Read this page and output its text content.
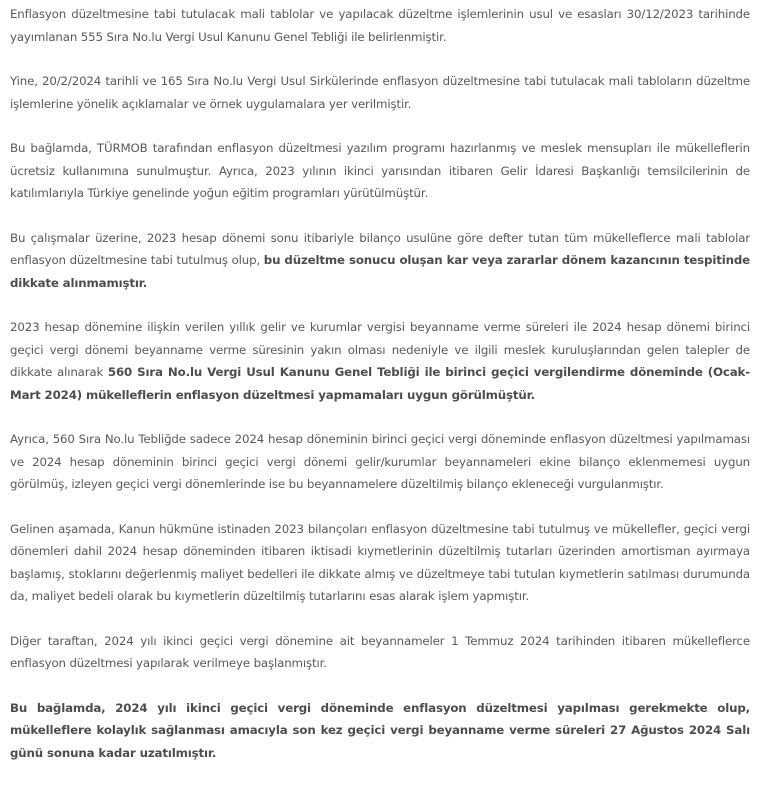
Enflasyon düzeltmesine tabi tutulacak mali tablolar ve yapılacak düzeltme işlemlerinin usul ve esasları 30/12/2023 tarihinde yayımlanan 555 Sıra No.lu Vergi Usul Kanunu Genel Tebliği ile belirlenmiştir.

Yine, 20/2/2024 tarihli ve 165 Sıra No.lu Vergi Usul Sirkülerinde enflasyon düzeltmesine tabi tutulacak mali tabloların düzeltme işlemlerine yönelik açıklamalar ve örnek uygulamalara yer verilmiştir.

Bu bağlamda, TÜRMOB tarafından enflasyon düzeltmesi yazılım programı hazırlanmış ve meslek mensupları ile mükelleflerin ücretsiz kullanımına sunulmuştur. Ayrıca, 2023 yılının ikinci yarısından itibaren Gelir İdaresi Başkanlığı temsilcilerinin de katılımlarıyla Türkiye genelinde yoğun eğitim programları yürütülmüştür.

Bu çalışmalar üzerine, 2023 hesap dönemi sonu itibariyle bilanço usulüne göre defter tutan tüm mükelleflerce mali tablolar enflasyon düzeltmesine tabi tutulmuş olup, bu düzeltme sonucu oluşan kar veya zararlar dönem kazancının tespitinde dikkate alınmamıştır.

2023 hesap dönemine ilişkin verilen yıllık gelir ve kurumlar vergisi beyanname verme süreleri ile 2024 hesap dönemi birinci geçici vergi dönemi beyanname verme süresinin yakın olması nedeniyle ve ilgili meslek kuruluşlarından gelen talepler de dikkate alınarak 560 Sıra No.lu Vergi Usul Kanunu Genel Tebliği ile birinci geçici vergilendirme döneminde (Ocak-Mart 2024) mükelleflerin enflasyon düzeltmesi yapmamaları uygun görülmüştür.

Ayrıca, 560 Sıra No.lu Tebliğde sadece 2024 hesap döneminin birinci geçici vergi döneminde enflasyon düzeltmesi yapılmaması ve 2024 hesap döneminin birinci geçici vergi dönemi gelir/kurumlar beyannameleri ekine bilanço eklenmemesi uygun görülmüş, izleyen geçici vergi dönemlerinde ise bu beyannamelere düzeltilmiş bilanço ekleneceği vurgulanmıştır.

Gelinen aşamada, Kanun hükmüne istinaden 2023 bilançoları enflasyon düzeltmesine tabi tutulmuş ve mükellefler, geçici vergi dönemleri dahil 2024 hesap döneminden itibaren iktisadi kıymetlerinin düzeltilmiş tutarları üzerinden amortisman ayırmaya başlamış, stoklarını değerlenmiş maliyet bedelleri ile dikkate almış ve düzeltmeye tabi tutulan kıymetlerin satılması durumunda da, maliyet bedeli olarak bu kıymetlerin düzeltilmiş tutarlarını esas alarak işlem yapmıştır.

Diğer taraftan, 2024 yılı ikinci geçici vergi dönemine ait beyannameler 1 Temmuz 2024 tarihinden itibaren mükelleflerce enflasyon düzeltmesi yapılarak verilmeye başlanmıştır.

Bu bağlamda, 2024 yılı ikinci geçici vergi döneminde enflasyon düzeltmesi yapılması gerekmekte olup, mükelleflere kolaylık sağlanması amacıyla son kez geçici vergi beyanname verme süreleri 27 Ağustos 2024 Salı günü sonuna kadar uzatılmıştır.
